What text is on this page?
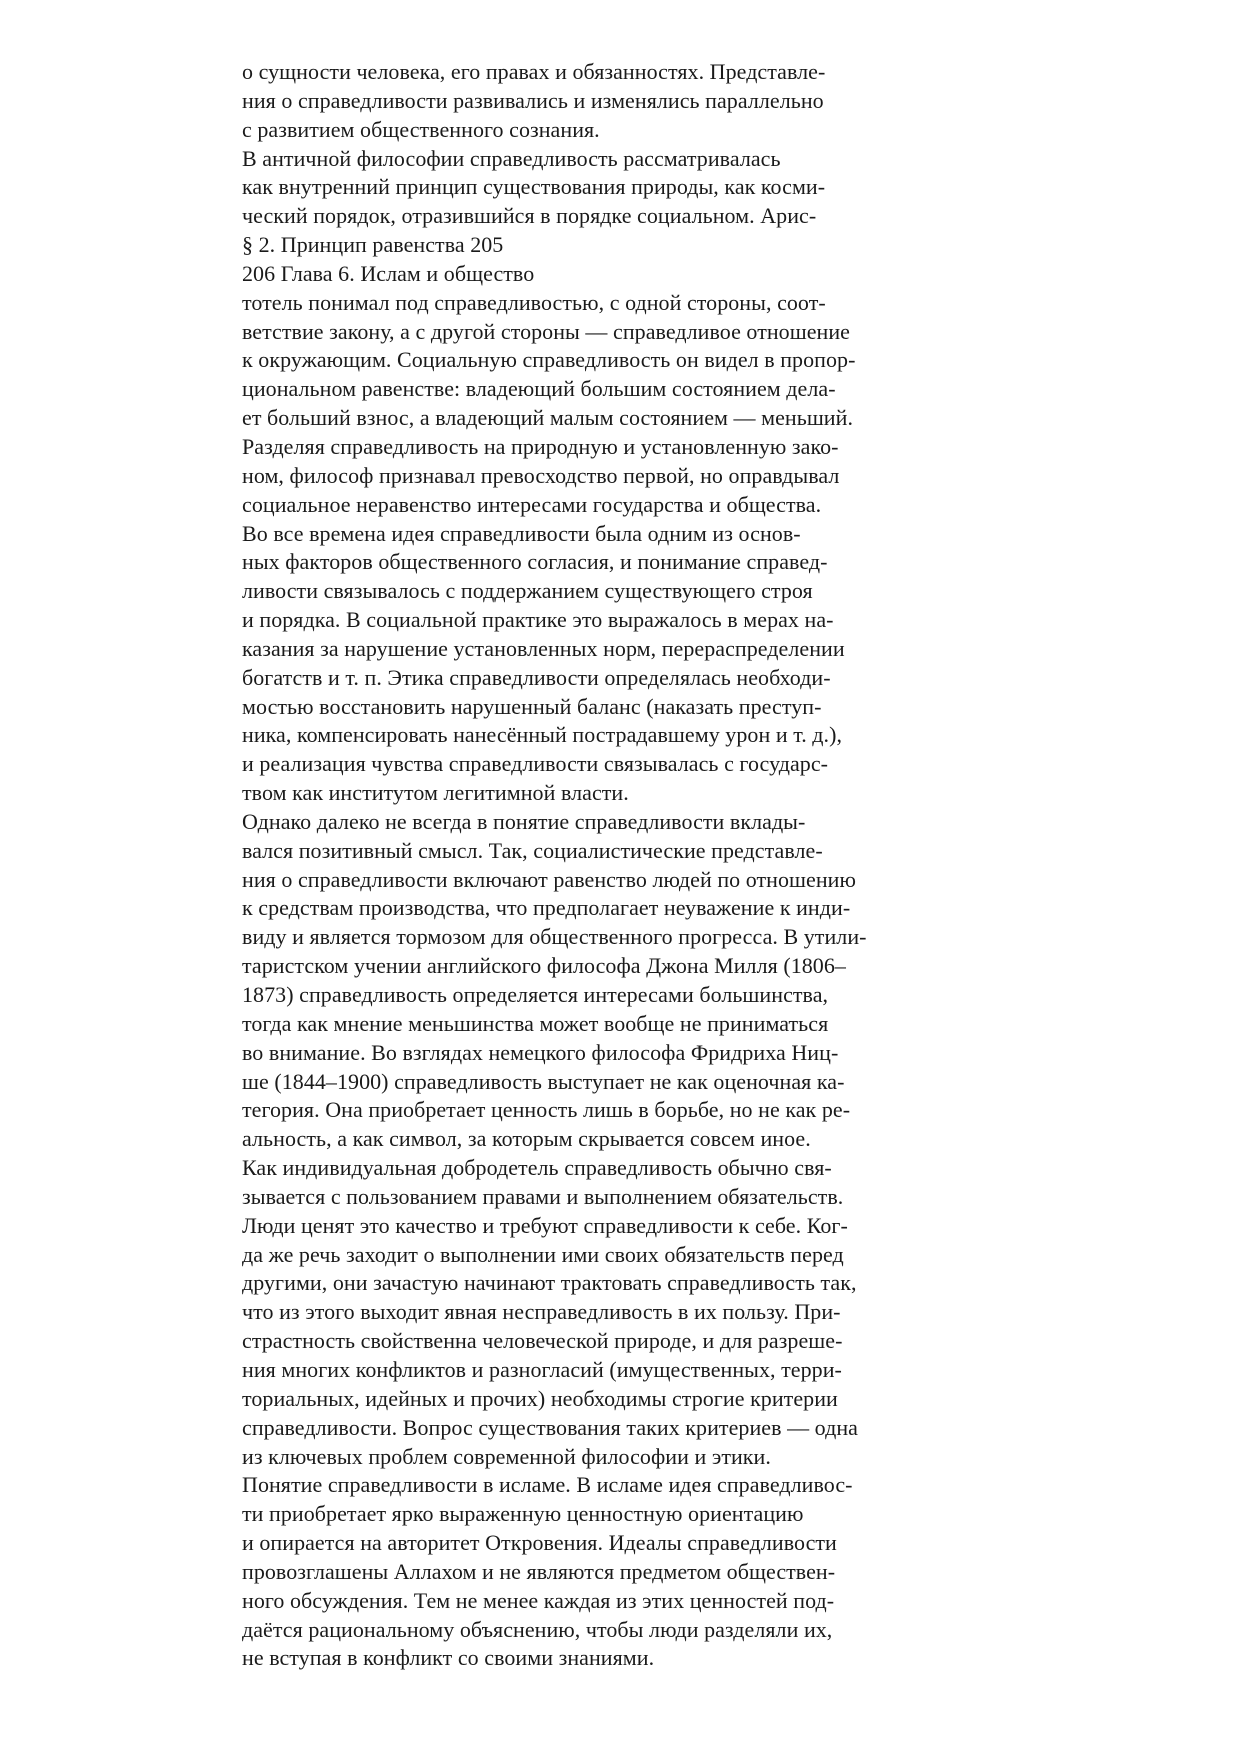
о сущности человека, его правах и обязанностях. Представле-
ния о справедливости развивались и изменялись параллельно
с развитием общественного сознания.
В античной философии справедливость рассматривалась
как внутренний принцип существования природы, как косми-
ческий порядок, отразившийся в порядке социальном. Арис-
§ 2. Принцип равенства 205
206 Глава 6. Ислам и общество
тотель понимал под справедливостью, с одной стороны, соот-
ветствие закону, а с другой стороны — справедливое отношение
к окружающим. Социальную справедливость он видел в пропор-
циональном равенстве: владеющий большим состоянием дела-
ет больший взнос, а владеющий малым состоянием — меньший.
Разделяя справедливость на природную и установленную зако-
ном, философ признавал превосходство первой, но оправдывал
социальное неравенство интересами государства и общества.
Во все времена идея справедливости была одним из основ-
ных факторов общественного согласия, и понимание справед-
ливости связывалось с поддержанием существующего строя
и порядка. В социальной практике это выражалось в мерах на-
казания за нарушение установленных норм, перераспределении
богатств и т. п. Этика справедливости определялась необходи-
мостью восстановить нарушенный баланс (наказать преступ-
ника, компенсировать нанесённый пострадавшему урон и т. д.),
и реализация чувства справедливости связывалась с государс-
твом как институтом легитимной власти.
Однако далеко не всегда в понятие справедливости вклады-
вался позитивный смысл. Так, социалистические представле-
ния о справедливости включают равенство людей по отношению
к средствам производства, что предполагает неуважение к инди-
виду и является тормозом для общественного прогресса. В утили-
таристском учении английского философа Джона Милля (1806–
1873) справедливость определяется интересами большинства,
тогда как мнение меньшинства может вообще не приниматься
во внимание. Во взглядах немецкого философа Фридриха Ниц-
ше (1844–1900) справедливость выступает не как оценочная ка-
тегория. Она приобретает ценность лишь в борьбе, но не как ре-
альность, а как символ, за которым скрывается совсем иное.
Как индивидуальная добродетель справедливость обычно свя-
зывается с пользованием правами и выполнением обязательств.
Люди ценят это качество и требуют справедливости к себе. Ког-
да же речь заходит о выполнении ими своих обязательств перед
другими, они зачастую начинают трактовать справедливость так,
что из этого выходит явная несправедливость в их пользу. При-
страстность свойственна человеческой природе, и для разреше-
ния многих конфликтов и разногласий (имущественных, терри-
ториальных, идейных и прочих) необходимы строгие критерии
справедливости. Вопрос существования таких критериев — одна
из ключевых проблем современной философии и этики.
Понятие справедливости в исламе. В исламе идея справедливос-
ти приобретает ярко выраженную ценностную ориентацию
и опирается на авторитет Откровения. Идеалы справедливости
провозглашены Аллахом и не являются предметом обществен-
ного обсуждения. Тем не менее каждая из этих ценностей под-
даётся рациональному объяснению, чтобы люди разделяли их,
не вступая в конфликт со своими знаниями.
